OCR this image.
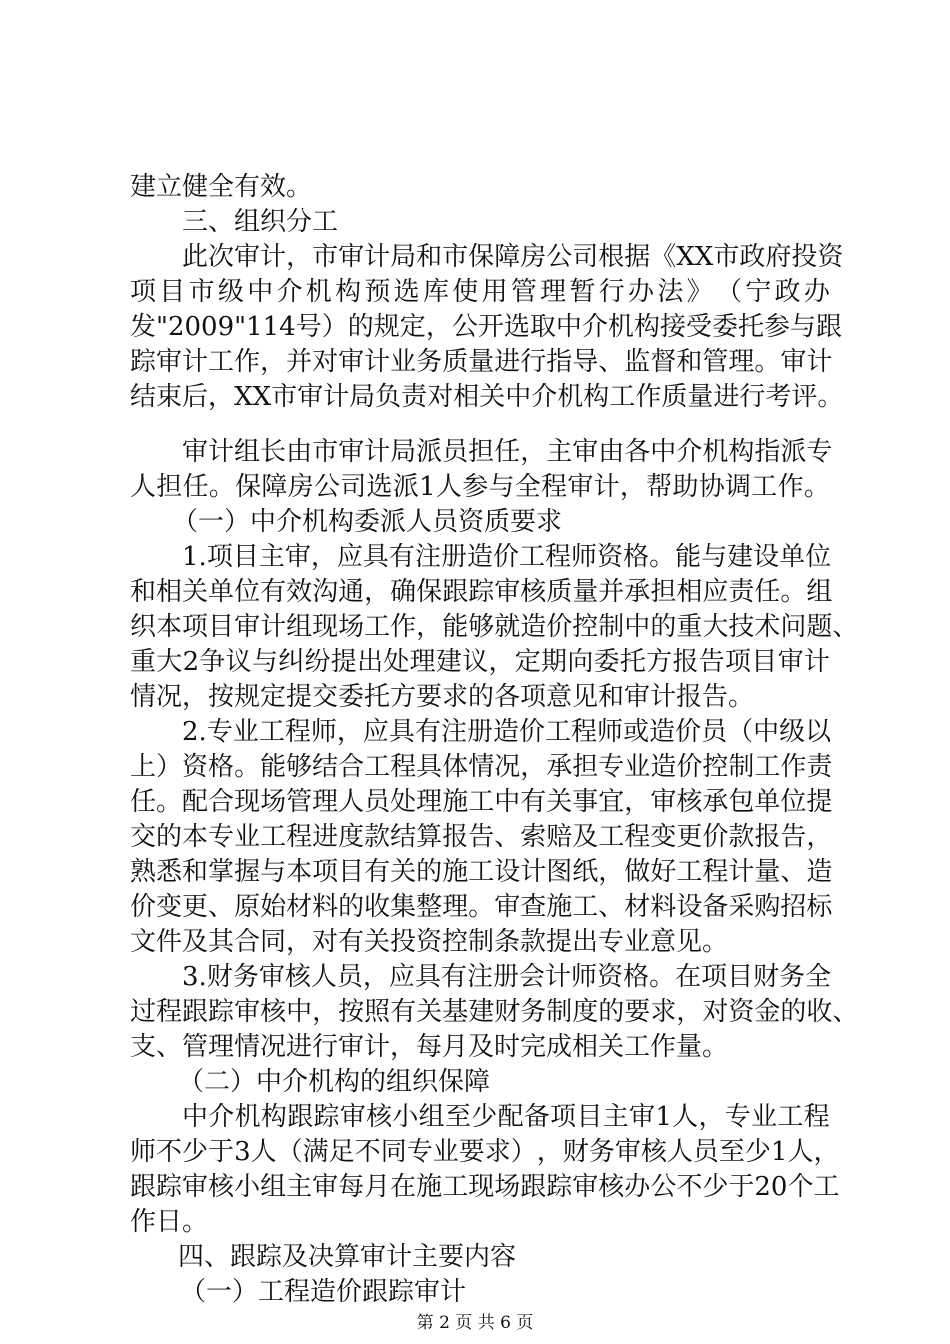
建立健全有效。
三、组织分工
此 次 审 计 ， 市 审 计 局 和 市 保 障 房 公 司 根 据 《 XX 市 政 府 投 资
项 目 市 级 中 介 机 构 预 选 库 使 用 管 理 暂 行 办 法 》 （ 宁 政 办
发 "2009"114 号 ） 的 规 定 ， 公 开 选 取 中 介 机 构 接 受 委 托 参 与 跟
踪 审 计 工 作 ， 并 对 审 计 业 务 质 量 进 行 指 导 、 监 督 和 管 理 。 审 计
结 束 后 ， XX 市 审 计 局 负 责 对 相 关 中 介 机 构 工 作 质 量 进 行 考 评 。
审 计 组 长 由 市 审 计 局 派 员 担 任 ， 主 审 由 各 中 介 机 构 指 派 专
人 担 任 。 保 障 房 公 司 选 派 1 人 参 与 全 程 审 计 ， 帮 助 协 调 工 作 。
（一）中介机构委派人员资质要求
1. 项 目 主 审 ， 应 具 有 注 册 造 价 工 程 师 资 格 。 能 与 建 设 单 位
和 相 关 单 位 有 效 沟 通 ， 确 保 跟 踪 审 核 质 量 并 承 担 相 应 责 任 。 组
织 本 项 目 审 计 组 现 场 工 作 ， 能 够 就 造 价 控 制 中 的 重 大 技 术 问 题 、
重 大 2 争 议 与 纠 纷 提 出 处 理 建 议 ， 定 期 向 委 托 方 报 告 项 目 审 计
情况，按规定提交委托方要求的各项意见和审计报告。
2. 专 业 工 程 师 ， 应 具 有 注 册 造 价 工 程 师 或 造 价 员 （ 中 级 以
上 ） 资 格 。 能 够 结 合 工 程 具 体 情 况 ， 承 担 专 业 造 价 控 制 工 作 责
任 。 配 合 现 场 管 理 人 员 处 理 施 工 中 有 关 事 宜 ， 审 核 承 包 单 位 提
交 的 本 专 业 工 程 进 度 款 结 算 报 告 、 索 赔 及 工 程 变 更 价 款 报 告 ，
熟 悉 和 掌 握 与 本 项 目 有 关 的 施 工 设 计 图 纸 ， 做 好 工 程 计 量 、 造
价 变 更 、 原 始 材 料 的 收 集 整 理 。 审 查 施 工 、 材 料 设 备 采 购 招 标
文件及其合同，对有关投资控制条款提出专业意见。
3. 财 务 审 核 人 员 ， 应 具 有 注 册 会 计 师 资 格 。 在 项 目 财 务 全
过 程 跟 踪 审 核 中 ， 按 照 有 关 基 建 财 务 制 度 的 要 求 ， 对 资 金 的 收 、
支、管理情况进行审计，每月及时完成相关工作量。
（二）中介机构的组织保障
中 介 机 构 跟 踪 审 核 小 组 至 少 配 备 项 目 主 审 1 人 ， 专 业 工 程
师 不 少 于 3 人 （ 满 足 不 同 专 业 要 求 ） ， 财 务 审 核 人 员 至 少 1 人 ，
跟 踪 审 核 小 组 主 审 每 月 在 施 工 现 场 跟 踪 审 核 办 公 不 少 于 20 个 工
作日。
四、跟踪及决算审计主要内容
（一）工程造价跟踪审计
第 2 页 共 6 页
